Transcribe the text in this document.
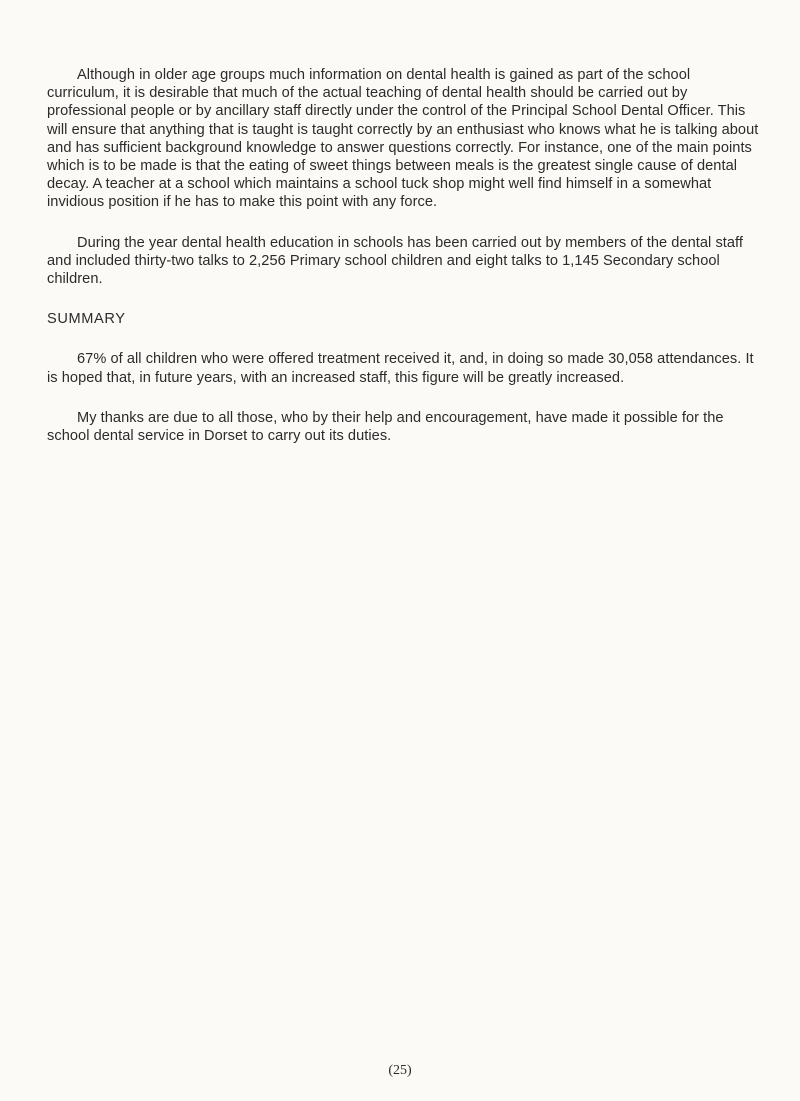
Although in older age groups much information on dental health is gained as part of the school curriculum, it is desirable that much of the actual teaching of dental health should be carried out by professional people or by ancillary staff directly under the control of the Principal School Dental Officer. This will ensure that anything that is taught is taught correctly by an enthusiast who knows what he is talking about and has sufficient background knowledge to answer questions correctly. For instance, one of the main points which is to be made is that the eating of sweet things between meals is the greatest single cause of dental decay. A teacher at a school which maintains a school tuck shop might well find himself in a somewhat invidious position if he has to make this point with any force.

During the year dental health education in schools has been carried out by members of the dental staff and included thirty-two talks to 2,256 Primary school children and eight talks to 1,145 Secondary school children.

SUMMARY

67% of all children who were offered treatment received it, and, in doing so made 30,058 attendances. It is hoped that, in future years, with an increased staff, this figure will be greatly increased.

My thanks are due to all those, who by their help and encouragement, have made it possible for the school dental service in Dorset to carry out its duties.

(25)
